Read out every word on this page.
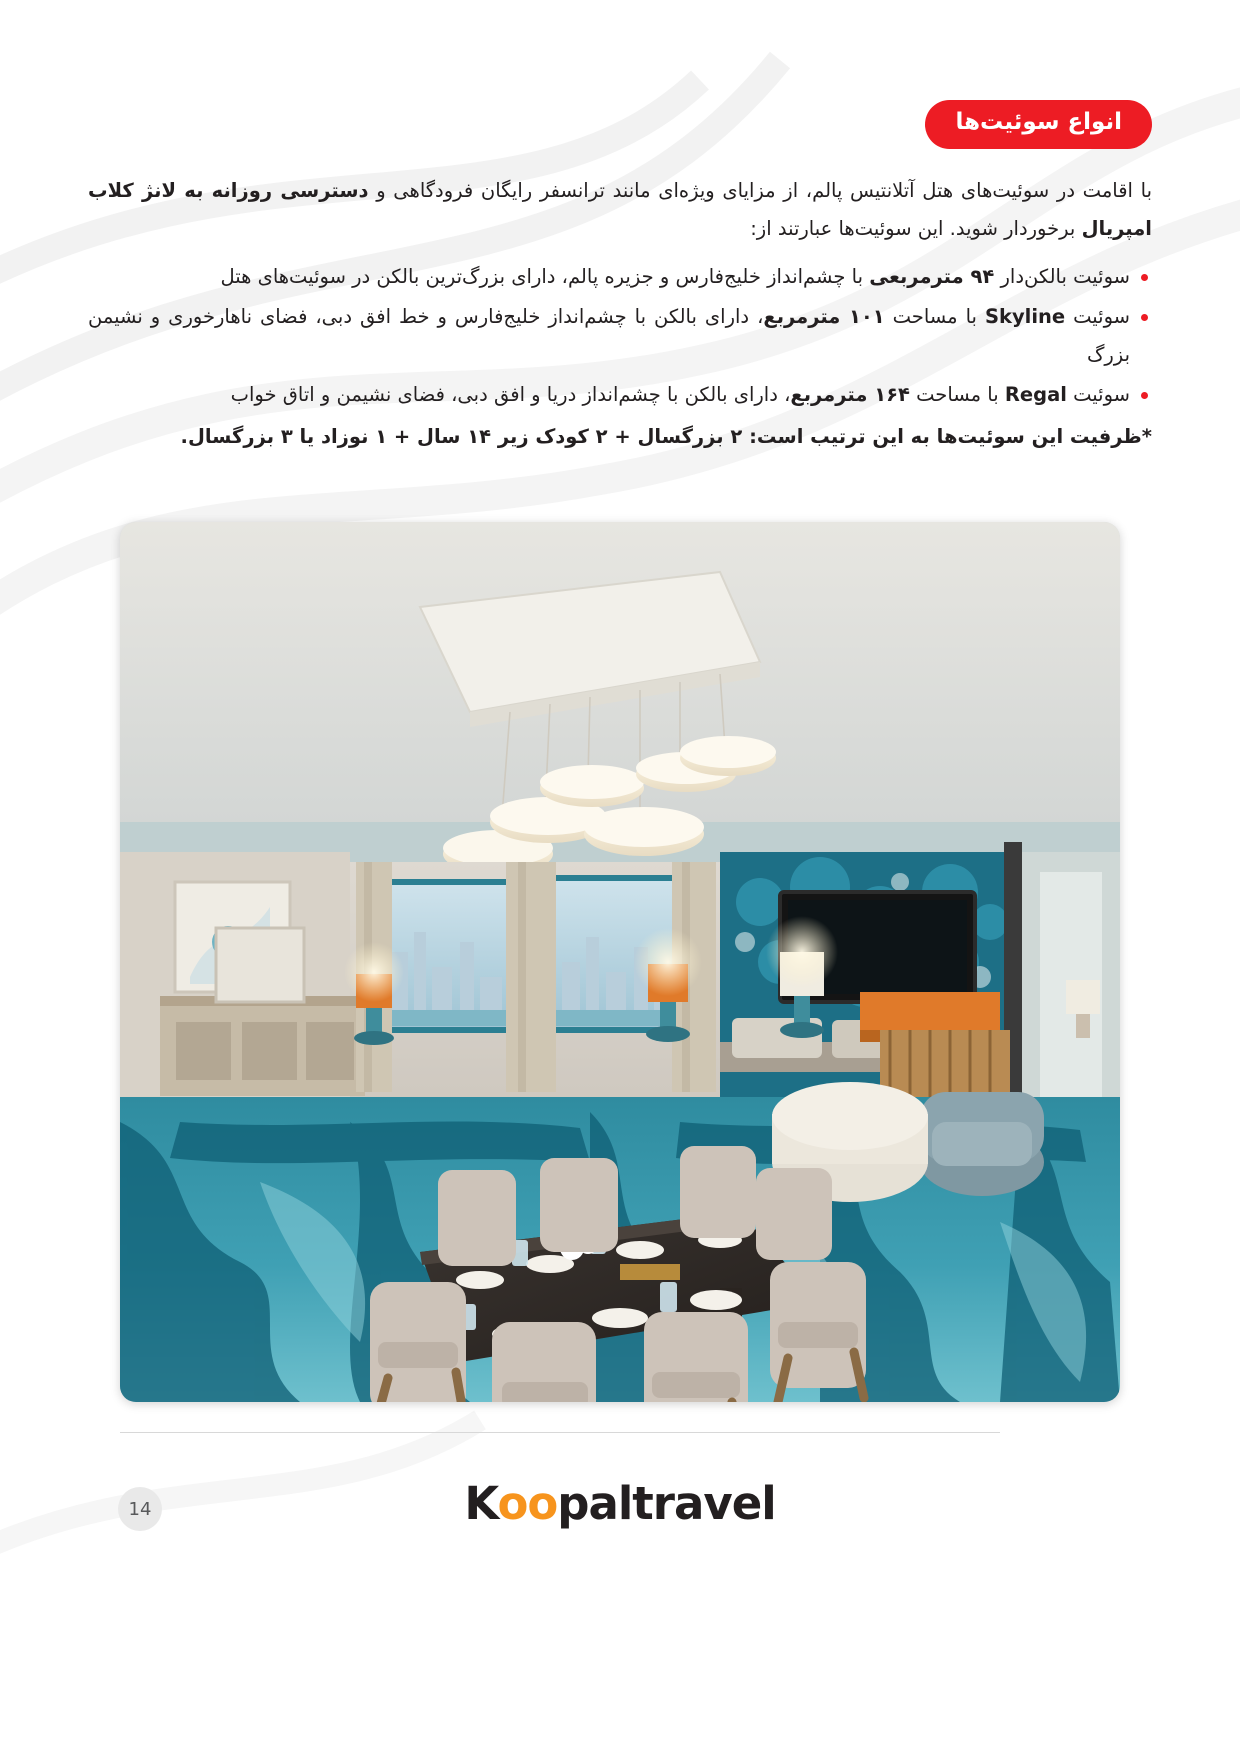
انواع سوئیت‌ها

با اقامت در سوئیت‌های هتل آتلانتیس پالم، از مزایای ویژه‌ای مانند ترانسفر رایگان فرودگاهی و دسترسی روزانه به لانژ کلاب امپریال برخوردار شوید. این سوئیت‌ها عبارتند از:

سوئیت بالکن‌دار ۹۴ مترمربعی با چشم‌انداز خلیج‌فارس و جزیره پالم، دارای بزرگ‌ترین بالکن در سوئیت‌های هتل
سوئیت Skyline با مساحت ۱۰۱ مترمربع، دارای بالکن با چشم‌انداز خلیج‌فارس و خط افق دبی، فضای ناهارخوری و نشیمن بزرگ
سوئیت Regal با مساحت ۱۶۴ مترمربع، دارای بالکن با چشم‌انداز دریا و افق دبی، فضای نشیمن و اتاق خواب

*ظرفیت این سوئیت‌ها به این ترتیب است: ۲ بزرگسال + ۲ کودک زیر ۱۴ سال + ۱ نوزاد یا ۳ بزرگسال.

14	Koopaltravel
